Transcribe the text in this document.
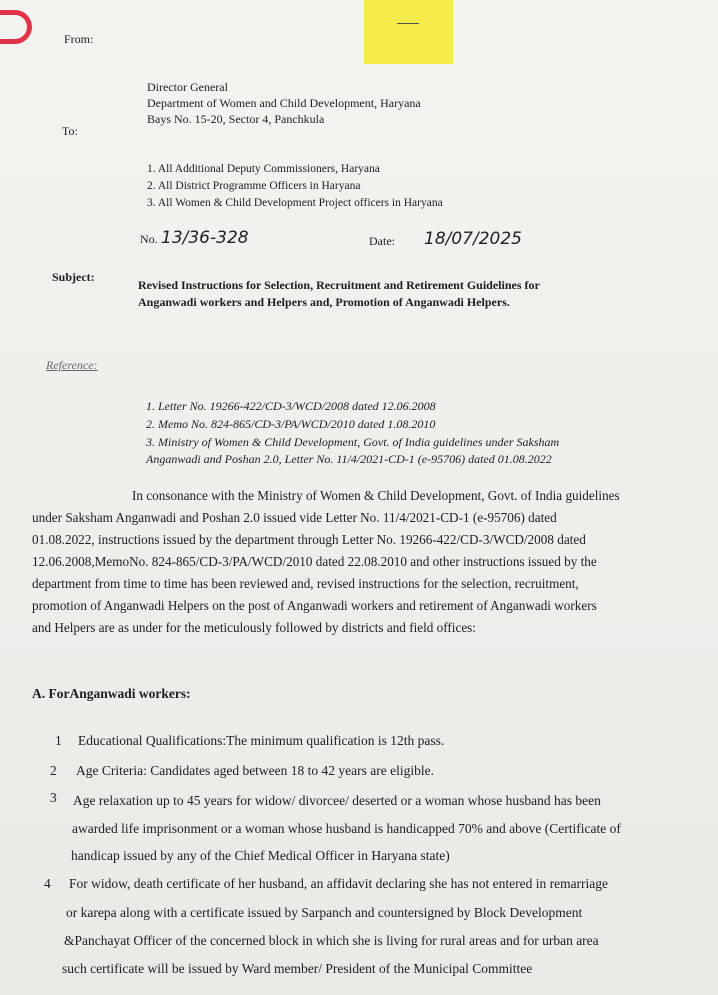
From:
Director General
Department of Women and Child Development, Haryana
Bays No. 15-20, Sector 4, Panchkula
To:
1. All Additional Deputy Commissioners, Haryana
2. All District Programme Officers in Haryana
3. All Women & Child Development Project officers in Haryana
No. 13/36-328	Date: 18/07/2025
Subject:
Revised Instructions for Selection, Recruitment and Retirement Guidelines for
Anganwadi workers and Helpers and, Promotion of Anganwadi Helpers.
Reference:
1. Letter No. 19266-422/CD-3/WCD/2008 dated 12.06.2008
2. Memo No. 824-865/CD-3/PA/WCD/2010 dated 1.08.2010
3. Ministry of Women & Child Development, Govt. of India guidelines under Saksham
Anganwadi and Poshan 2.0, Letter No. 11/4/2021-CD-1 (e-95706) dated 01.08.2022
In consonance with the Ministry of Women & Child Development, Govt. of India guidelines
under Saksham Anganwadi and Poshan 2.0 issued vide Letter No. 11/4/2021-CD-1 (e-95706) dated
01.08.2022, instructions issued by the department through Letter No. 19266-422/CD-3/WCD/2008 dated
12.06.2008,MemoNo. 824-865/CD-3/PA/WCD/2010 dated 22.08.2010 and other instructions issued by the
department from time to time has been reviewed and, revised instructions for the selection, recruitment,
promotion of Anganwadi Helpers on the post of Anganwadi workers and retirement of Anganwadi workers
and Helpers are as under for the meticulously followed by districts and field offices:
A. ForAnganwadi workers:
1 Educational Qualifications:The minimum qualification is 12th pass.
2 Age Criteria: Candidates aged between 18 to 42 years are eligible.
3 Age relaxation up to 45 years for widow/ divorcee/ deserted or a woman whose husband has been
awarded life imprisonment or a woman whose husband is handicapped 70% and above (Certificate of
handicap issued by any of the Chief Medical Officer in Haryana state)
4 For widow, death certificate of her husband, an affidavit declaring she has not entered in remarriage
or karepa along with a certificate issued by Sarpanch and countersigned by Block Development
&Panchayat Officer of the concerned block in which she is living for rural areas and for urban area
such certificate will be issued by Ward member/ President of the Municipal Committee
